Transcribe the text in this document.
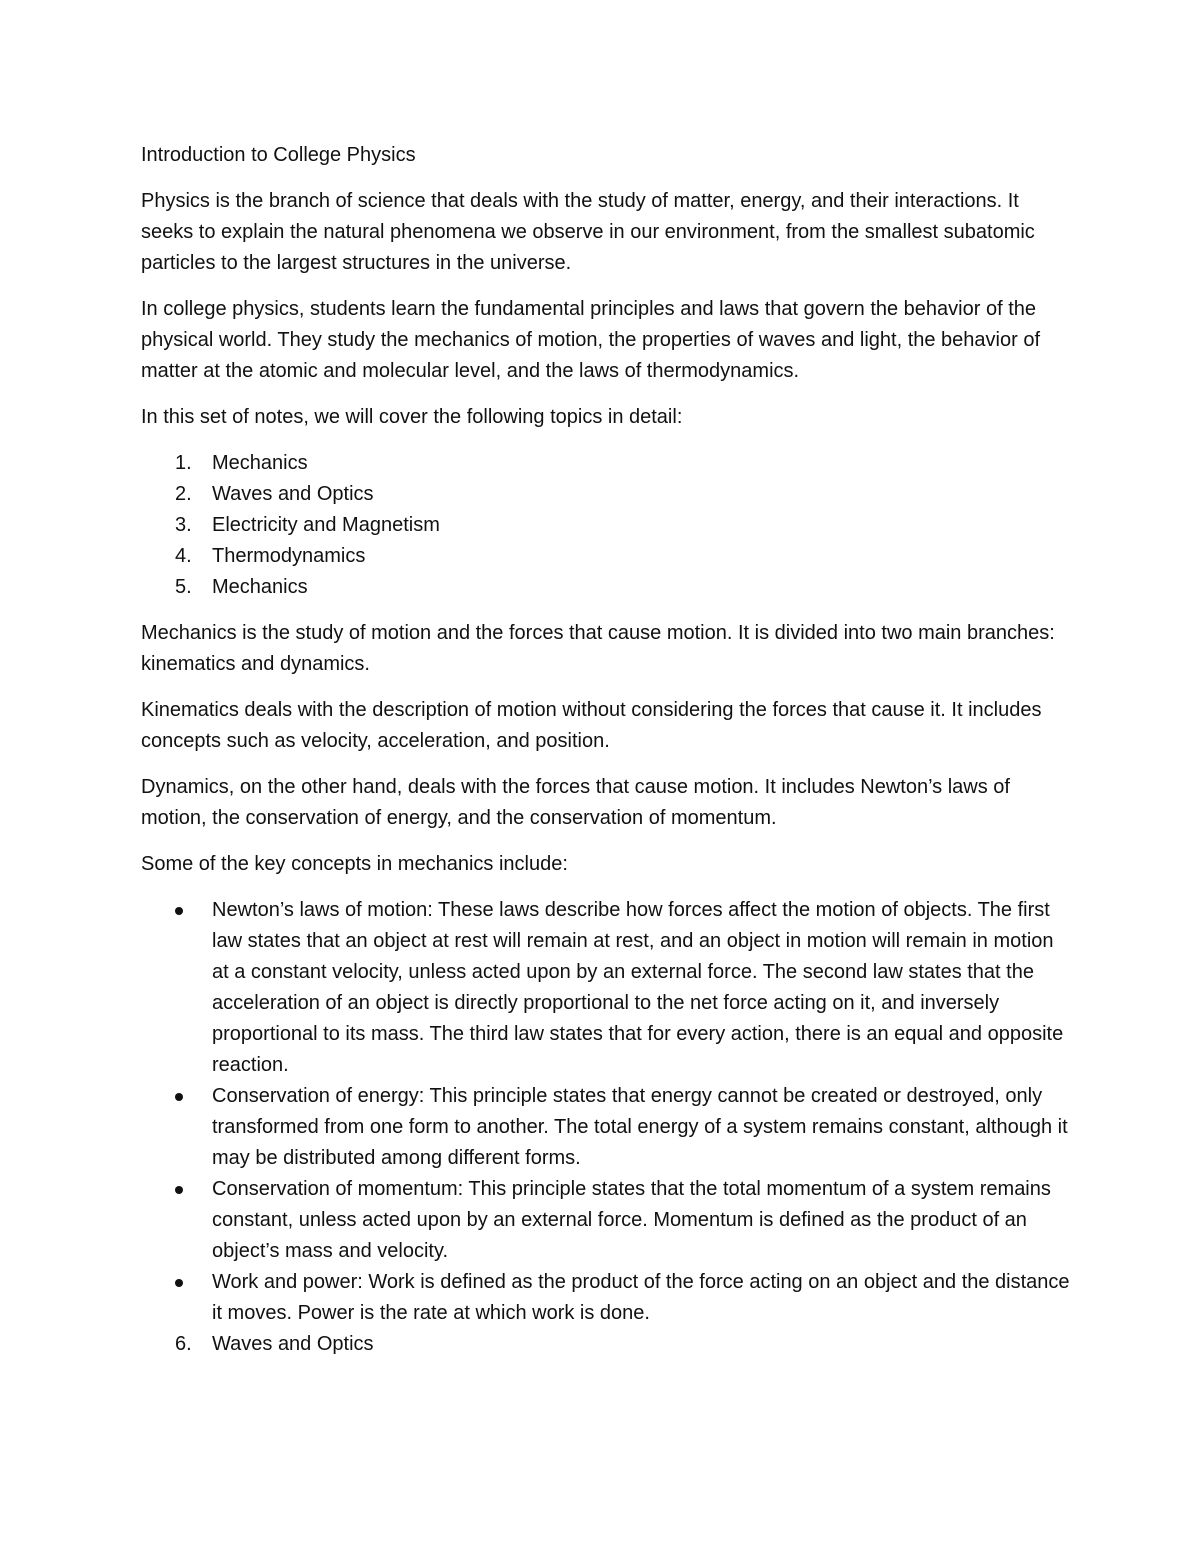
Introduction to College Physics

Physics is the branch of science that deals with the study of matter, energy, and their interactions. It seeks to explain the natural phenomena we observe in our environment, from the smallest subatomic particles to the largest structures in the universe.

In college physics, students learn the fundamental principles and laws that govern the behavior of the physical world. They study the mechanics of motion, the properties of waves and light, the behavior of matter at the atomic and molecular level, and the laws of thermodynamics.

In this set of notes, we will cover the following topics in detail:

1. Mechanics
2. Waves and Optics
3. Electricity and Magnetism
4. Thermodynamics
5. Mechanics

Mechanics is the study of motion and the forces that cause motion. It is divided into two main branches: kinematics and dynamics.

Kinematics deals with the description of motion without considering the forces that cause it. It includes concepts such as velocity, acceleration, and position.

Dynamics, on the other hand, deals with the forces that cause motion. It includes Newton’s laws of motion, the conservation of energy, and the conservation of momentum.

Some of the key concepts in mechanics include:

Newton’s laws of motion: These laws describe how forces affect the motion of objects. The first law states that an object at rest will remain at rest, and an object in motion will remain in motion at a constant velocity, unless acted upon by an external force. The second law states that the acceleration of an object is directly proportional to the net force acting on it, and inversely proportional to its mass. The third law states that for every action, there is an equal and opposite reaction.
Conservation of energy: This principle states that energy cannot be created or destroyed, only transformed from one form to another. The total energy of a system remains constant, although it may be distributed among different forms.
Conservation of momentum: This principle states that the total momentum of a system remains constant, unless acted upon by an external force. Momentum is defined as the product of an object’s mass and velocity.
Work and power: Work is defined as the product of the force acting on an object and the distance it moves. Power is the rate at which work is done.
6. Waves and Optics
